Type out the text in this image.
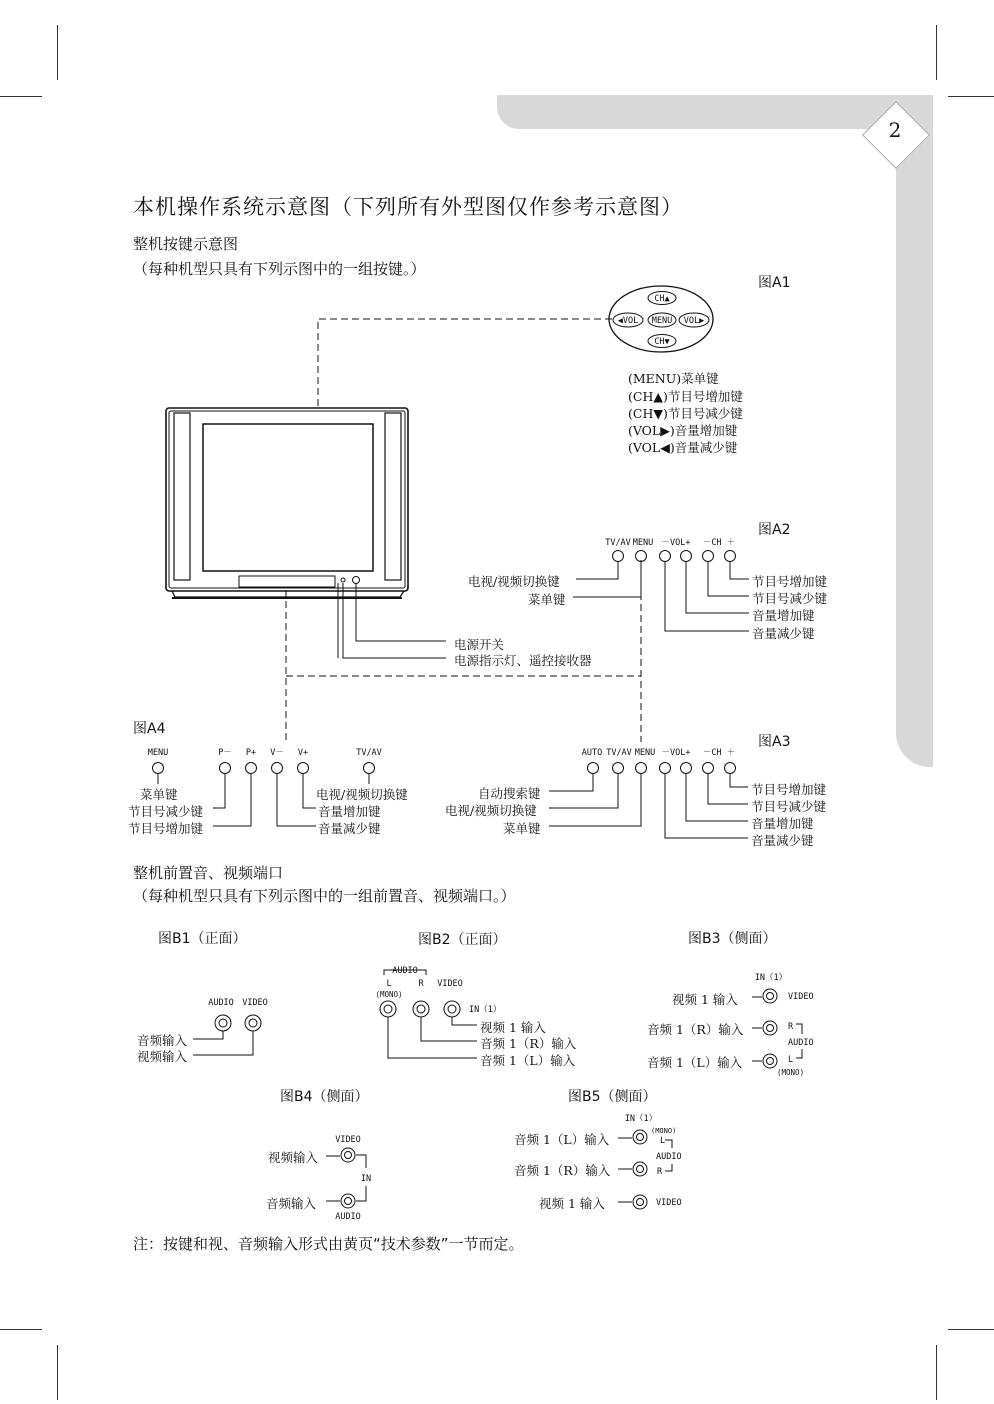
2
本机操作系统示意图（下列所有外型图仅作参考示意图）
整机按键示意图
（每种机型只具有下列示图中的一组按键。）
图A1
图A2
图A3
图A4
(MENU)菜单键
(CH▲)节目号增加键
(CH▼)节目号减少键
(VOL▶)音量增加键
(VOL◀)音量减少键
电视/视频切换键
菜单键
节目号增加键
节目号减少键
音量增加键
音量减少键
电源开关
电源指示灯、遥控接收器
自动搜索键
电视/视频切换键
菜单键
节目号增加键
节目号减少键
音量增加键
音量减少键
菜单键
节目号减少键
节目号增加键
电视/视频切换键
音量增加键
音量减少键
整机前置音、视频端口
（每种机型只具有下列示图中的一组前置音、视频端口。）
图B1（正面）	图B2（正面）	图B3（侧面）
图B4（侧面）	图B5（侧面）
音频输入
视频输入
视频 1 输入
音频 1（R）输入
音频 1（L）输入
视频 1 输入
音频 1（R）输入
音频 1（L）输入
视频输入
音频输入
音频 1（L）输入
音频 1（R）输入
视频 1 输入
注：按键和视、音频输入形式由黄页“技术参数”一节而定。
CH▲
◀VOL MENU VOL▶
CH▼
TV/AV MENU －VOL+ －CH ＋
AUTO TV/AV MENU －VOL+ －CH ＋
MENU	P－ P+ V－ V+	TV/AV
AUDIO VIDEO
AUDIO
L
(MONO)
R VIDEO
IN（1）
IN（1）
VIDEO
R
AUDIO
L
(MONO)
VIDEO
IN
AUDIO
IN（1）
(MONO)
L
AUDIO
R
VIDEO
